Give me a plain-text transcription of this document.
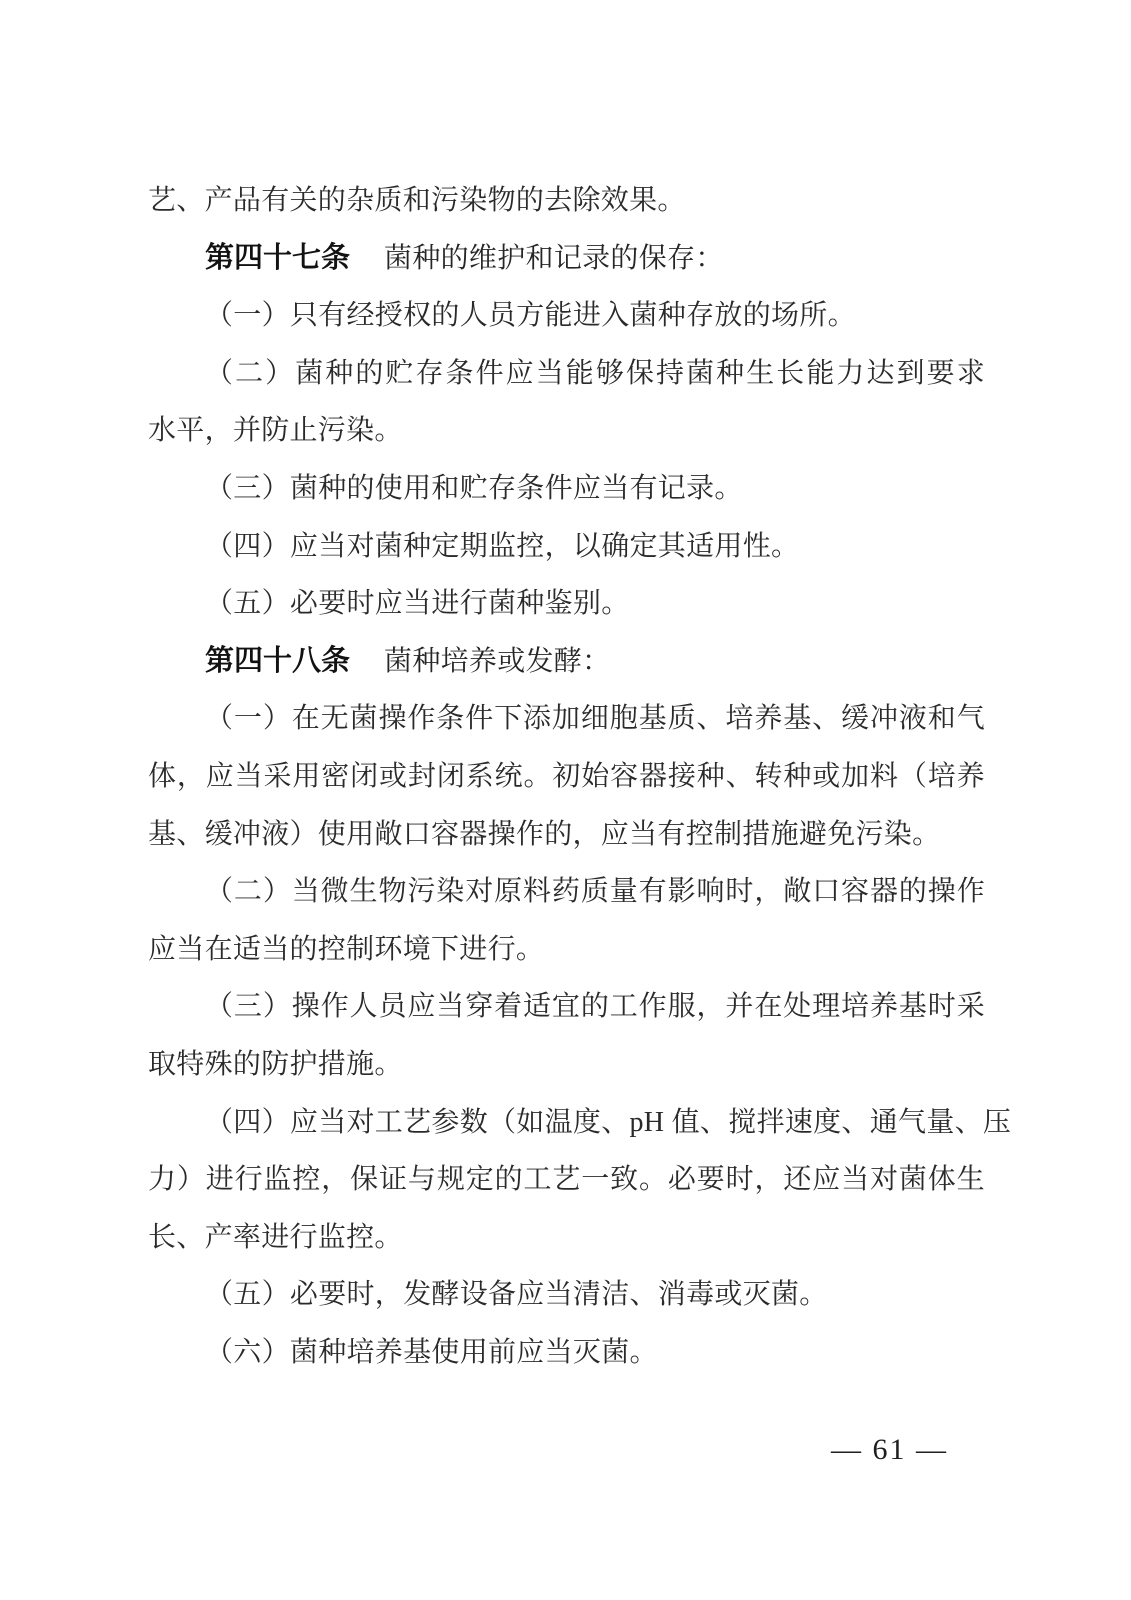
艺、产品有关的杂质和污染物的去除效果。
第四十七条 菌种的维护和记录的保存：
（一）只有经授权的人员方能进入菌种存放的场所。
（二）菌种的贮存条件应当能够保持菌种生长能力达到要求
水平，并防止污染。
（三）菌种的使用和贮存条件应当有记录。
（四）应当对菌种定期监控，以确定其适用性。
（五）必要时应当进行菌种鉴别。
第四十八条 菌种培养或发酵：
（一）在无菌操作条件下添加细胞基质、培养基、缓冲液和气
体，应当采用密闭或封闭系统。初始容器接种、转种或加料（培养
基、缓冲液）使用敞口容器操作的，应当有控制措施避免污染。
（二）当微生物污染对原料药质量有影响时，敞口容器的操作
应当在适当的控制环境下进行。
（三）操作人员应当穿着适宜的工作服，并在处理培养基时采
取特殊的防护措施。
（四）应当对工艺参数（如温度、pH 值、搅拌速度、通气量、压
力）进行监控，保证与规定的工艺一致。必要时，还应当对菌体生
长、产率进行监控。
（五）必要时，发酵设备应当清洁、消毒或灭菌。
（六）菌种培养基使用前应当灭菌。
— 61 —
